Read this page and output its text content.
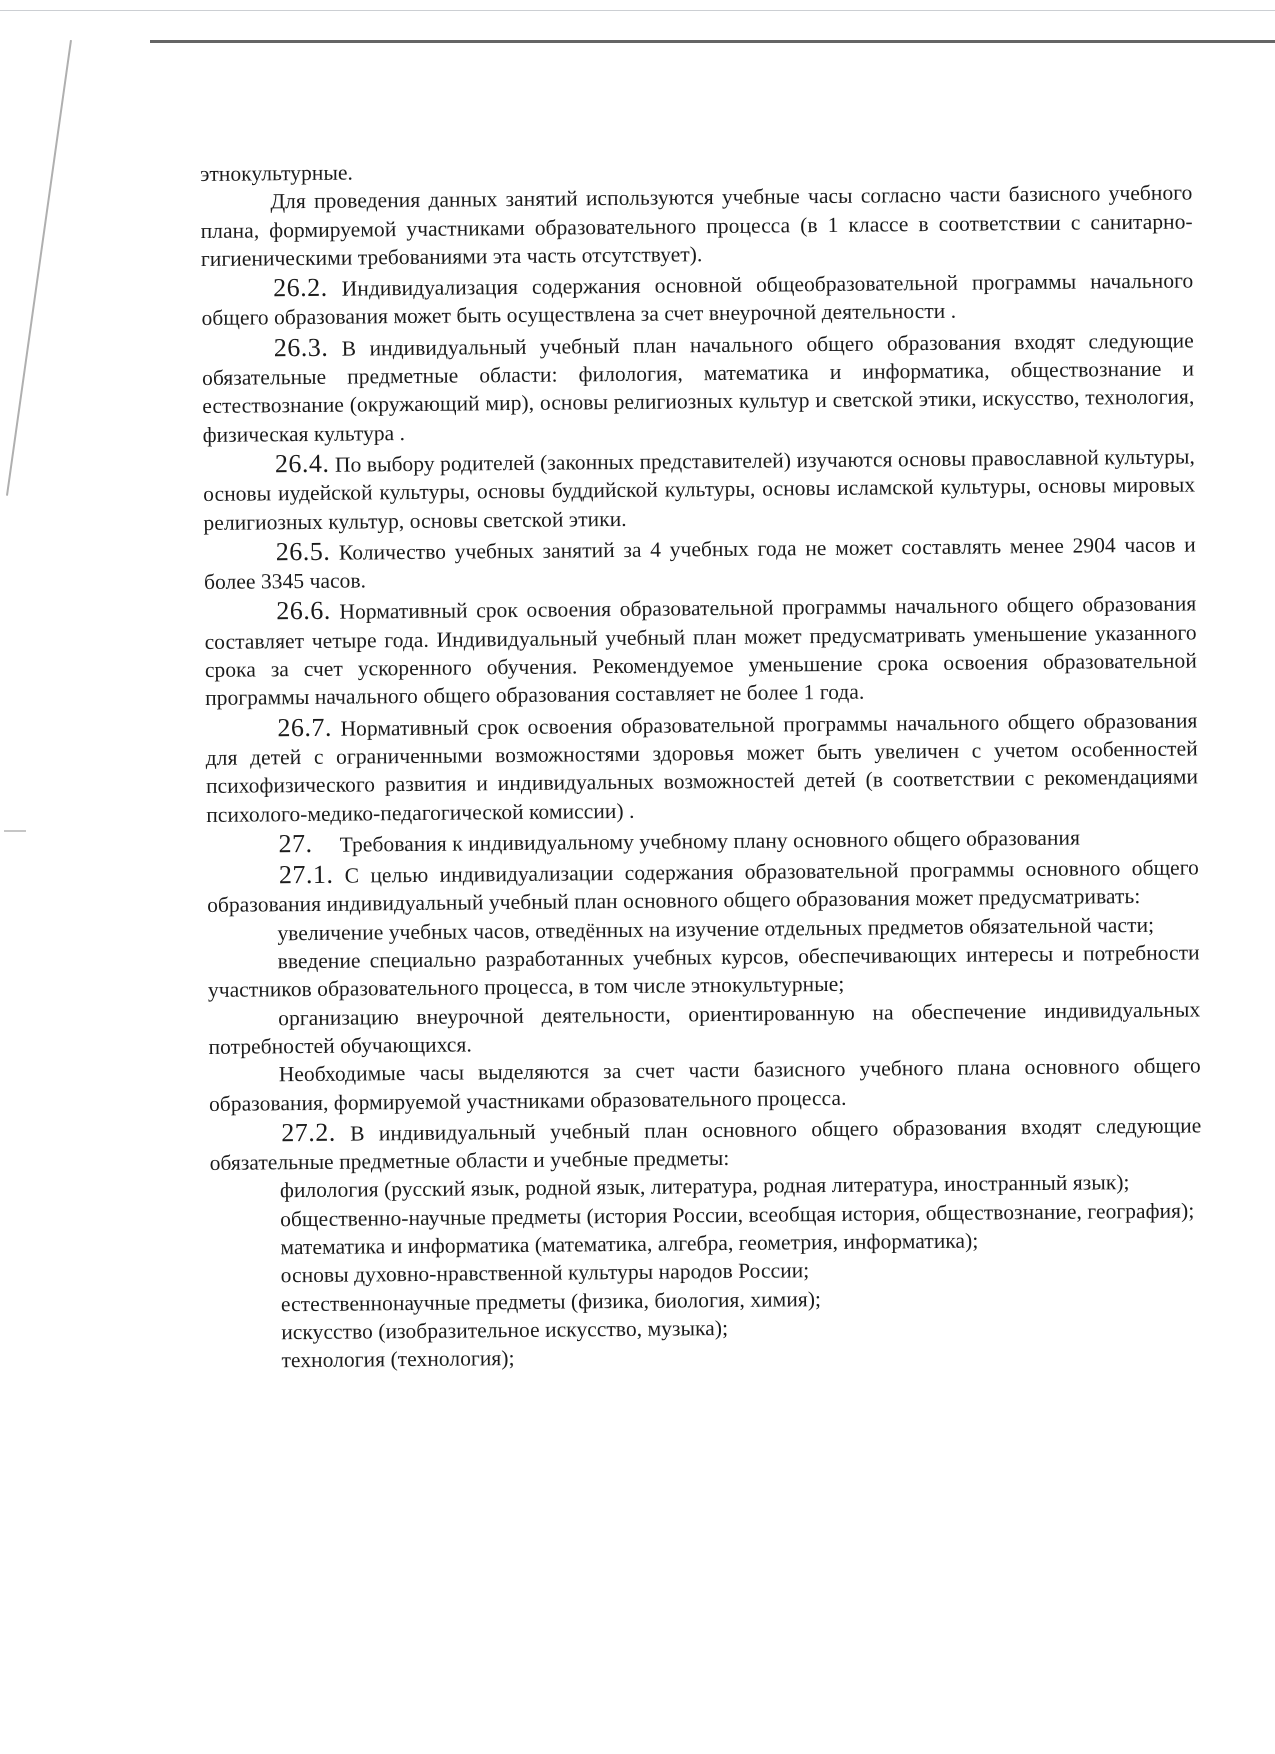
этнокультурные.

Для проведения данных занятий используются учебные часы согласно части базисного учебного плана, формируемой участниками образовательного процесса (в 1 классе в соответствии с санитарно-гигиеническими требованиями эта часть отсутствует).

26.2. Индивидуализация содержания основной общеобразовательной программы начального общего образования может быть осуществлена за счет внеурочной деятельности .

26.3. В индивидуальный учебный план начального общего образования входят следующие обязательные предметные области: филология, математика и информатика, обществознание и естествознание (окружающий мир), основы религиозных культур и светской этики, искусство, технология, физическая культура .

26.4. По выбору родителей (законных представителей) изучаются основы православной культуры, основы иудейской культуры, основы буддийской культуры, основы исламской культуры, основы мировых религиозных культур, основы светской этики.

26.5. Количество учебных занятий за 4 учебных года не может составлять менее 2904 часов и более 3345 часов.

26.6. Нормативный срок освоения образовательной программы начального общего образования составляет четыре года. Индивидуальный учебный план может предусматривать уменьшение указанного срока за счет ускоренного обучения. Рекомендуемое уменьшение срока освоения образовательной программы начального общего образования составляет не более 1 года.

26.7. Нормативный срок освоения образовательной программы начального общего образования для детей с ограниченными возможностями здоровья может быть увеличен с учетом особенностей психофизического развития и индивидуальных возможностей детей (в соответствии с рекомендациями психолого-медико-педагогической комиссии) .

27. Требования к индивидуальному учебному плану основного общего образования

27.1. С целью индивидуализации содержания образовательной программы основного общего образования индивидуальный учебный план основного общего образования может предусматривать:

увеличение учебных часов, отведённых на изучение отдельных предметов обязательной части;

введение специально разработанных учебных курсов, обеспечивающих интересы и потребности участников образовательного процесса, в том числе этнокультурные;

организацию внеурочной деятельности, ориентированную на обеспечение индивидуальных потребностей обучающихся.

Необходимые часы выделяются за счет части базисного учебного плана основного общего образования, формируемой участниками образовательного процесса.

27.2. В индивидуальный учебный план основного общего образования входят следующие обязательные предметные области и учебные предметы:

филология (русский язык, родной язык, литература, родная литература, иностранный язык);

общественно-научные предметы (история России, всеобщая история, обществознание, география);

математика и информатика (математика, алгебра, геометрия, информатика);

основы духовно-нравственной культуры народов России;

естественнонаучные предметы (физика, биология, химия);

искусство (изобразительное искусство, музыка);

технология (технология);
